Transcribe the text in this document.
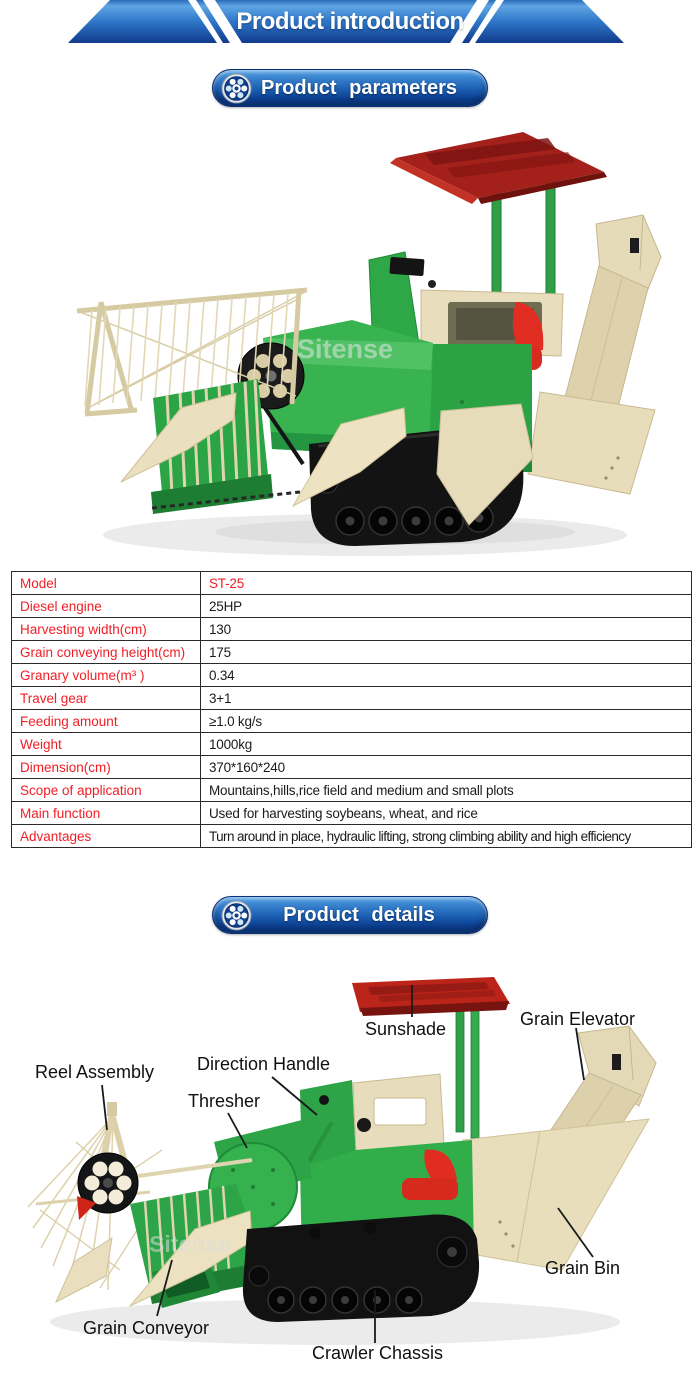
Product introduction
Product parameters
Sitense
Model	ST-25
Diesel engine	25HP
Harvesting width(cm)	130
Grain conveying height(cm)	175
Granary volume(m³ )	0.34
Travel gear	3+1
Feeding amount	≥1.0 kg/s
Weight	1000kg
Dimension(cm)	370*160*240
Scope of application	Mountains,hills,rice field and medium and small plots
Main function	Used for harvesting soybeans, wheat, and rice
Advantages	Turn around in place, hydraulic lifting, strong climbing ability and high efficiency
Product details
Sitense
Sunshade	Grain Elevator
Reel Assembly Direction Handle
Thresher
Grain Bin
Grain Conveyor
Crawler Chassis
